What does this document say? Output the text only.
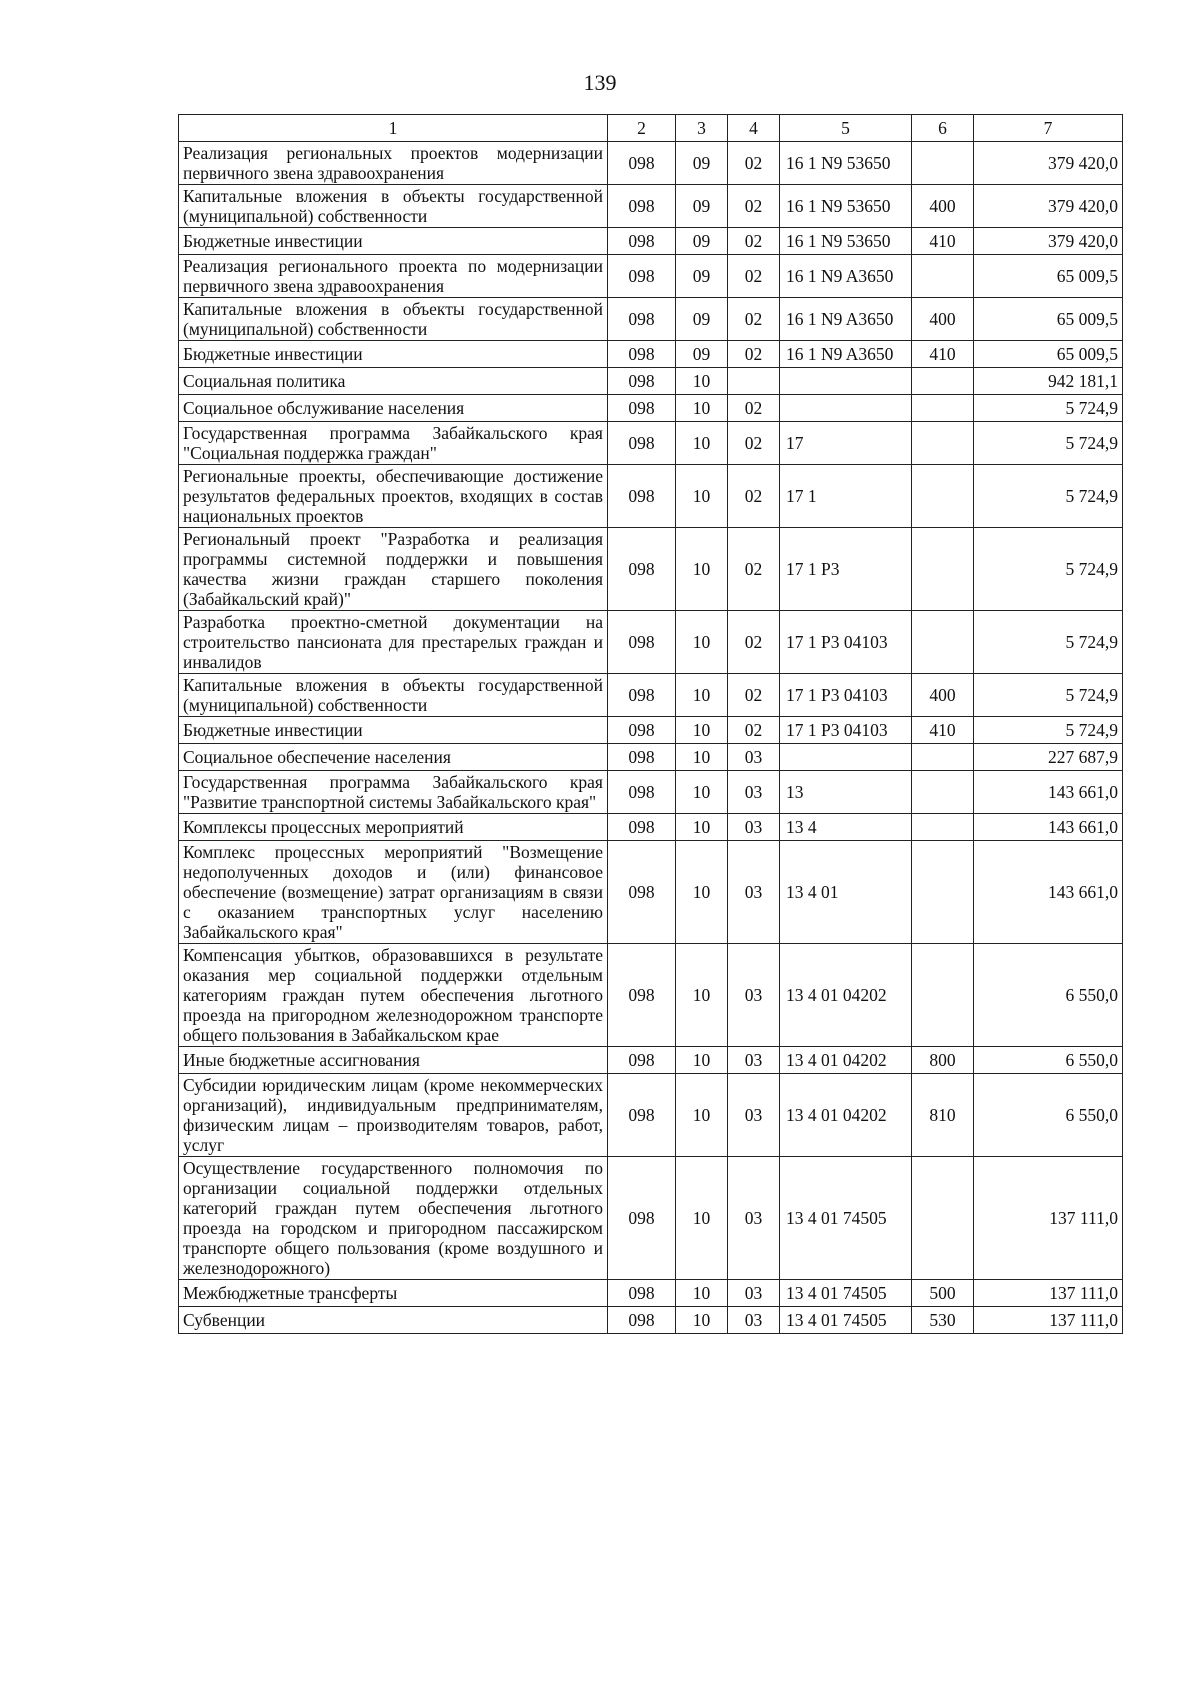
139
1	2	3	4	5	6	7
Реализация региональных проектов модернизации первичного звена здравоохранения	098	09	02	16 1 N9 53650		379 420,0
Капитальные вложения в объекты государственной (муниципальной) собственности	098	09	02	16 1 N9 53650	400	379 420,0
Бюджетные инвестиции	098	09	02	16 1 N9 53650	410	379 420,0
Реализация регионального проекта по модернизации первичного звена здравоохранения	098	09	02	16 1 N9 A3650		65 009,5
Капитальные вложения в объекты государственной (муниципальной) собственности	098	09	02	16 1 N9 A3650	400	65 009,5
Бюджетные инвестиции	098	09	02	16 1 N9 A3650	410	65 009,5
Социальная политика	098	10				942 181,1
Социальное обслуживание населения	098	10	02			5 724,9
Государственная программа Забайкальского края "Социальная поддержка граждан"	098	10	02	17		5 724,9
Региональные проекты, обеспечивающие достижение результатов федеральных проектов, входящих в состав национальных проектов	098	10	02	17 1		5 724,9
Региональный проект "Разработка и реализация программы системной поддержки и повышения качества жизни граждан старшего поколения (Забайкальский край)"	098	10	02	17 1 P3		5 724,9
Разработка проектно-сметной документации на строительство пансионата для престарелых граждан и инвалидов	098	10	02	17 1 P3 04103		5 724,9
Капитальные вложения в объекты государственной (муниципальной) собственности	098	10	02	17 1 P3 04103	400	5 724,9
Бюджетные инвестиции	098	10	02	17 1 P3 04103	410	5 724,9
Социальное обеспечение населения	098	10	03			227 687,9
Государственная программа Забайкальского края "Развитие транспортной системы Забайкальского края"	098	10	03	13		143 661,0
Комплексы процессных мероприятий	098	10	03	13 4		143 661,0
Комплекс процессных мероприятий "Возмещение недополученных доходов и (или) финансовое обеспечение (возмещение) затрат организациям в связи с оказанием транспортных услуг населению Забайкальского края"	098	10	03	13 4 01		143 661,0
Компенсация убытков, образовавшихся в результате оказания мер социальной поддержки отдельным категориям граждан путем обеспечения льготного проезда на пригородном железнодорожном транспорте общего пользования в Забайкальском крае	098	10	03	13 4 01 04202		6 550,0
Иные бюджетные ассигнования	098	10	03	13 4 01 04202	800	6 550,0
Субсидии юридическим лицам (кроме некоммерческих организаций), индивидуальным предпринимателям, физическим лицам – производителям товаров, работ, услуг	098	10	03	13 4 01 04202	810	6 550,0
Осуществление государственного полномочия по организации социальной поддержки отдельных категорий граждан путем обеспечения льготного проезда на городском и пригородном пассажирском транспорте общего пользования (кроме воздушного и железнодорожного)	098	10	03	13 4 01 74505		137 111,0
Межбюджетные трансферты	098	10	03	13 4 01 74505	500	137 111,0
Субвенции	098	10	03	13 4 01 74505	530	137 111,0
